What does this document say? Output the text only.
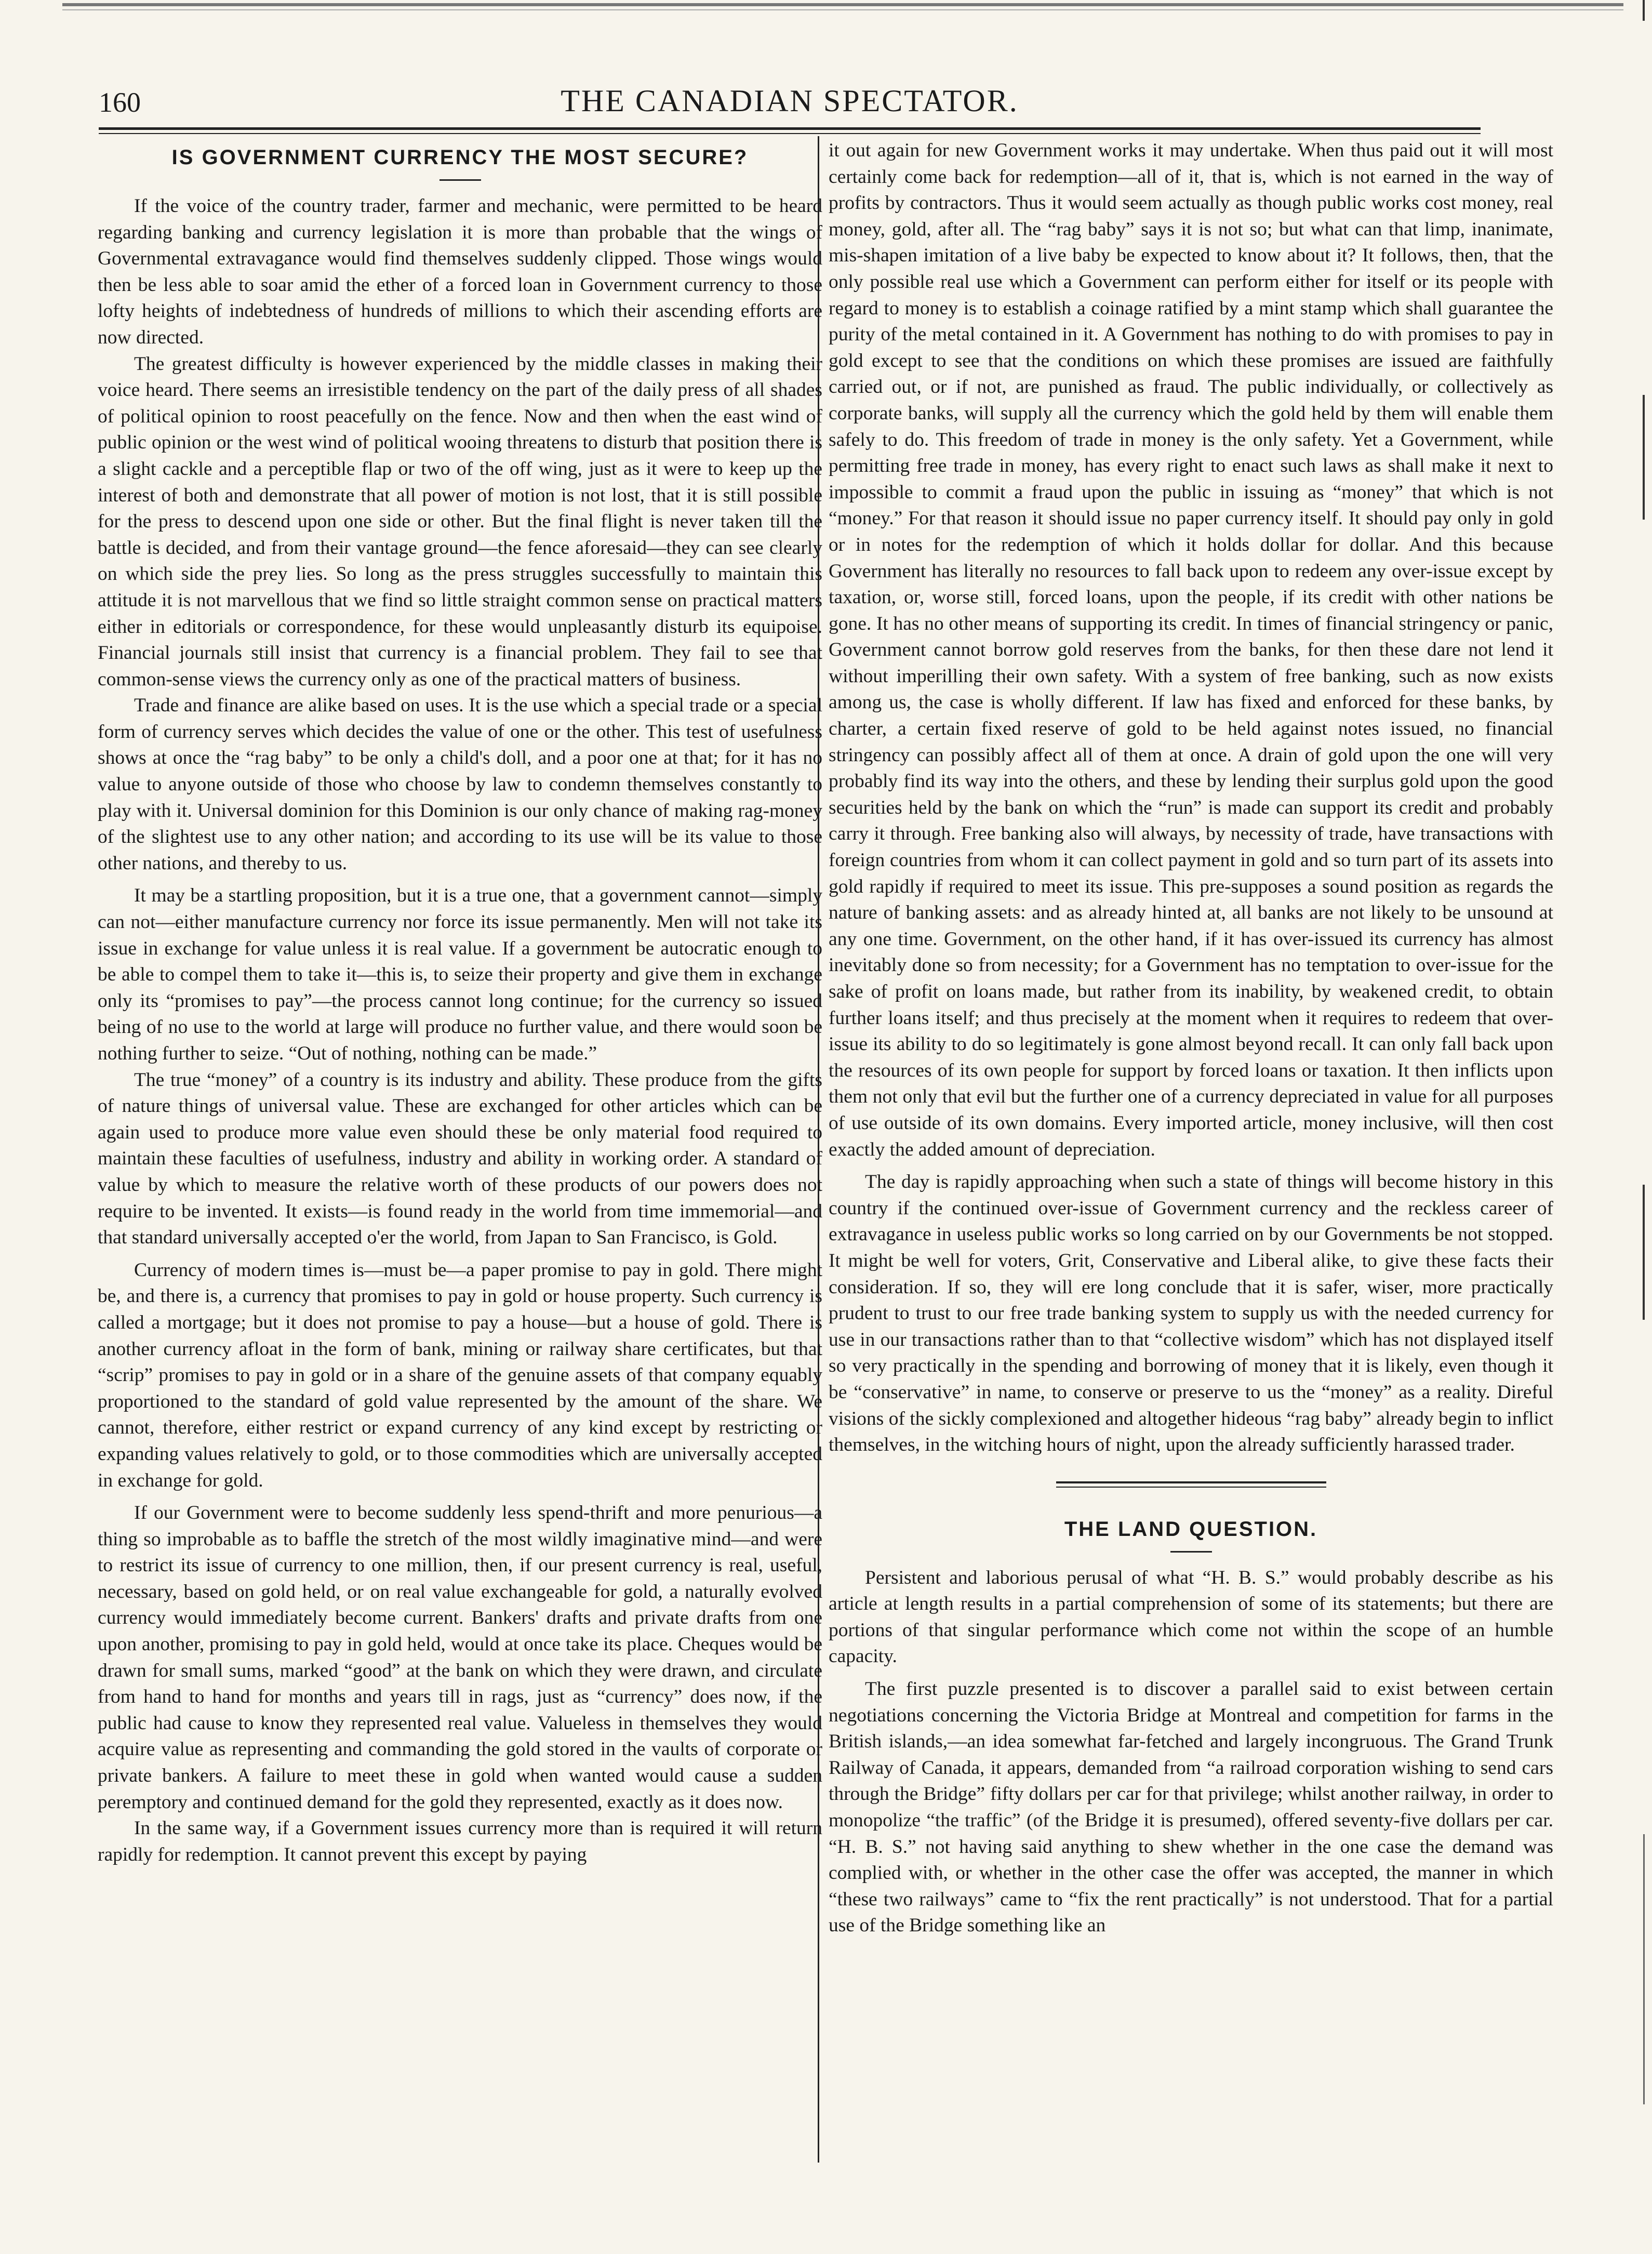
160	THE CANADIAN SPECTATOR.
IS GOVERNMENT CURRENCY THE MOST SECURE?

If the voice of the country trader, farmer and mechanic, were permitted to be heard regarding banking and currency legislation it is more than probable that the wings of Governmental extravagance would find themselves suddenly clipped. Those wings would then be less able to soar amid the ether of a forced loan in Government currency to those lofty heights of indebtedness of hundreds of millions to which their ascending efforts are now directed.

The greatest difficulty is however experienced by the middle classes in making their voice heard. There seems an irresistible tendency on the part of the daily press of all shades of political opinion to roost peacefully on the fence. Now and then when the east wind of public opinion or the west wind of political wooing threatens to disturb that position there is a slight cackle and a perceptible flap or two of the off wing, just as it were to keep up the interest of both and demonstrate that all power of motion is not lost, that it is still possible for the press to descend upon one side or other. But the final flight is never taken till the battle is decided, and from their vantage ground—the fence aforesaid—they can see clearly on which side the prey lies. So long as the press struggles successfully to maintain this attitude it is not marvellous that we find so little straight common sense on practical matters either in editorials or correspondence, for these would unpleasantly disturb its equipoise. Financial journals still insist that currency is a financial problem. They fail to see that common-sense views the currency only as one of the practical matters of business.

Trade and finance are alike based on uses. It is the use which a special trade or a special form of currency serves which decides the value of one or the other. This test of usefulness shows at once the “rag baby” to be only a child's doll, and a poor one at that; for it has no value to anyone outside of those who choose by law to condemn themselves constantly to play with it. Universal dominion for this Dominion is our only chance of making rag-money of the slightest use to any other nation; and according to its use will be its value to those other nations, and thereby to us.

It may be a startling proposition, but it is a true one, that a government cannot—simply can not—either manufacture currency nor force its issue permanently. Men will not take its issue in exchange for value unless it is real value. If a government be autocratic enough to be able to compel them to take it—this is, to seize their property and give them in exchange only its “promises to pay”—the process cannot long continue; for the currency so issued being of no use to the world at large will produce no further value, and there would soon be nothing further to seize. “Out of nothing, nothing can be made.”

The true “money” of a country is its industry and ability. These produce from the gifts of nature things of universal value. These are exchanged for other articles which can be again used to produce more value even should these be only material food required to maintain these faculties of usefulness, industry and ability in working order. A standard of value by which to measure the relative worth of these products of our powers does not require to be invented. It exists—is found ready in the world from time immemorial—and that standard universally accepted o'er the world, from Japan to San Francisco, is Gold.

Currency of modern times is—must be—a paper promise to pay in gold. There might be, and there is, a currency that promises to pay in gold or house property. Such currency is called a mortgage; but it does not promise to pay a house—but a house of gold. There is another currency afloat in the form of bank, mining or railway share certificates, but that “scrip” promises to pay in gold or in a share of the genuine assets of that company equably proportioned to the standard of gold value represented by the amount of the share. We cannot, therefore, either restrict or expand currency of any kind except by restricting or expanding values relatively to gold, or to those commodities which are universally accepted in exchange for gold.

If our Government were to become suddenly less spend-thrift and more penurious—a thing so improbable as to baffle the stretch of the most wildly imaginative mind—and were to restrict its issue of currency to one million, then, if our present currency is real, useful, necessary, based on gold held, or on real value exchangeable for gold, a naturally evolved currency would immediately become current. Bankers' drafts and private drafts from one upon another, promising to pay in gold held, would at once take its place. Cheques would be drawn for small sums, marked “good” at the bank on which they were drawn, and circulate from hand to hand for months and years till in rags, just as “currency” does now, if the public had cause to know they represented real value. Valueless in themselves they would acquire value as representing and commanding the gold stored in the vaults of corporate or private bankers. A failure to meet these in gold when wanted would cause a sudden peremptory and continued demand for the gold they represented, exactly as it does now.

In the same way, if a Government issues currency more than is required it will return rapidly for redemption. It cannot prevent this except by paying

it out again for new Government works it may undertake. When thus paid out it will most certainly come back for redemption—all of it, that is, which is not earned in the way of profits by contractors. Thus it would seem actually as though public works cost money, real money, gold, after all. The “rag baby” says it is not so; but what can that limp, inanimate, mis-shapen imitation of a live baby be expected to know about it? It follows, then, that the only possible real use which a Government can perform either for itself or its people with regard to money is to establish a coinage ratified by a mint stamp which shall guarantee the purity of the metal contained in it. A Government has nothing to do with promises to pay in gold except to see that the conditions on which these promises are issued are faithfully carried out, or if not, are punished as fraud. The public individually, or collectively as corporate banks, will supply all the currency which the gold held by them will enable them safely to do. This freedom of trade in money is the only safety. Yet a Government, while permitting free trade in money, has every right to enact such laws as shall make it next to impossible to commit a fraud upon the public in issuing as “money” that which is not “money.” For that reason it should issue no paper currency itself. It should pay only in gold or in notes for the redemption of which it holds dollar for dollar. And this because Government has literally no resources to fall back upon to redeem any over-issue except by taxation, or, worse still, forced loans, upon the people, if its credit with other nations be gone. It has no other means of supporting its credit. In times of financial stringency or panic, Government cannot borrow gold reserves from the banks, for then these dare not lend it without imperilling their own safety. With a system of free banking, such as now exists among us, the case is wholly different. If law has fixed and enforced for these banks, by charter, a certain fixed reserve of gold to be held against notes issued, no financial stringency can possibly affect all of them at once. A drain of gold upon the one will very probably find its way into the others, and these by lending their surplus gold upon the good securities held by the bank on which the “run” is made can support its credit and probably carry it through. Free banking also will always, by necessity of trade, have transactions with foreign countries from whom it can collect payment in gold and so turn part of its assets into gold rapidly if required to meet its issue. This pre-supposes a sound position as regards the nature of banking assets: and as already hinted at, all banks are not likely to be unsound at any one time. Government, on the other hand, if it has over-issued its currency has almost inevitably done so from necessity; for a Government has no temptation to over-issue for the sake of profit on loans made, but rather from its inability, by weakened credit, to obtain further loans itself; and thus precisely at the moment when it requires to redeem that over-issue its ability to do so legitimately is gone almost beyond recall. It can only fall back upon the resources of its own people for support by forced loans or taxation. It then inflicts upon them not only that evil but the further one of a currency depreciated in value for all purposes of use outside of its own domains. Every imported article, money inclusive, will then cost exactly the added amount of depreciation.

The day is rapidly approaching when such a state of things will become history in this country if the continued over-issue of Government currency and the reckless career of extravagance in useless public works so long carried on by our Governments be not stopped. It might be well for voters, Grit, Conservative and Liberal alike, to give these facts their consideration. If so, they will ere long conclude that it is safer, wiser, more practically prudent to trust to our free trade banking system to supply us with the needed currency for use in our transactions rather than to that “collective wisdom” which has not displayed itself so very practically in the spending and borrowing of money that it is likely, even though it be “conservative” in name, to conserve or preserve to us the “money” as a reality. Direful visions of the sickly complexioned and altogether hideous “rag baby” already begin to inflict themselves, in the witching hours of night, upon the already sufficiently harassed trader.

THE LAND QUESTION.

Persistent and laborious perusal of what “H. B. S.” would probably describe as his article at length results in a partial comprehension of some of its statements; but there are portions of that singular performance which come not within the scope of an humble capacity.

The first puzzle presented is to discover a parallel said to exist between certain negotiations concerning the Victoria Bridge at Montreal and competition for farms in the British islands,—an idea somewhat far-fetched and largely incongruous. The Grand Trunk Railway of Canada, it appears, demanded from “a railroad corporation wishing to send cars through the Bridge” fifty dollars per car for that privilege; whilst another railway, in order to monopolize “the traffic” (of the Bridge it is presumed), offered seventy-five dollars per car. “H. B. S.” not having said anything to shew whether in the one case the demand was complied with, or whether in the other case the offer was accepted, the manner in which “these two railways” came to “fix the rent practically” is not understood. That for a partial use of the Bridge something like an
